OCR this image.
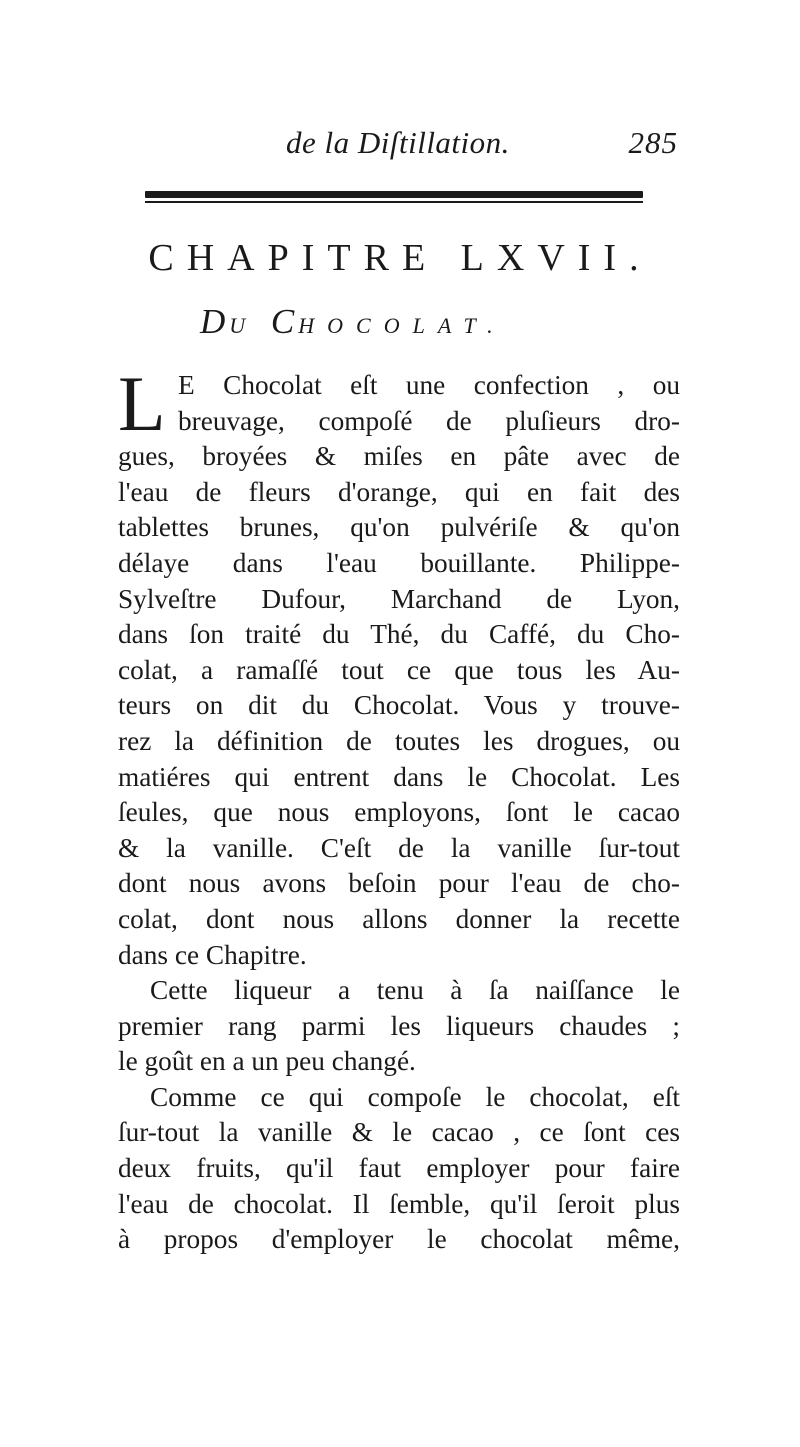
de la Diſtillation.	285
CHAPITRE LXVII.
DU CHOCOLAT.
L E Chocolat eſt une confection , ou
breuvage, compoſé de pluſieurs dro-
gues, broyées & miſes en pâte avec de
l'eau de fleurs d'orange, qui en fait des
tablettes brunes, qu'on pulvériſe & qu'on
délaye dans l'eau bouillante. Philippe-
Sylveſtre Dufour, Marchand de Lyon,
dans ſon traité du Thé, du Caffé, du Cho-
colat, a ramaſſé tout ce que tous les Au-
teurs on dit du Chocolat. Vous y trouve-
rez la définition de toutes les drogues, ou
matiéres qui entrent dans le Chocolat. Les
ſeules, que nous employons, ſont le cacao
& la vanille. C'eſt de la vanille ſur-tout
dont nous avons beſoin pour l'eau de cho-
colat, dont nous allons donner la recette
dans ce Chapitre.
Cette liqueur a tenu à ſa naiſſance le
premier rang parmi les liqueurs chaudes ;
le goût en a un peu changé.
Comme ce qui compoſe le chocolat, eſt
ſur-tout la vanille & le cacao , ce ſont ces
deux fruits, qu'il faut employer pour faire
l'eau de chocolat. Il ſemble, qu'il ſeroit plus
à propos d'employer le chocolat même,
